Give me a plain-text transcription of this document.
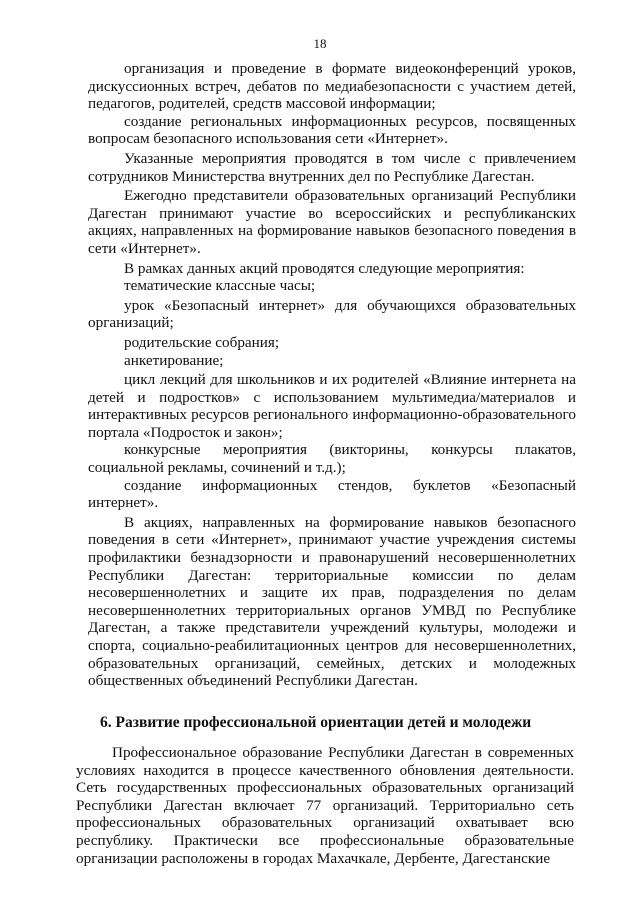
18

организация и проведение в формате видеоконференций уроков, дискуссионных встреч, дебатов по медиабезопасности с участием детей, педагогов, родителей, средств массовой информации;

создание региональных информационных ресурсов, посвященных вопросам безопасного использования сети «Интернет».

Указанные мероприятия проводятся в том числе с привлечением сотрудников Министерства внутренних дел по Республике Дагестан.

Ежегодно представители образовательных организаций Республики Дагестан принимают участие во всероссийских и республиканских акциях, направленных на формирование навыков безопасного поведения в сети «Интернет».

В рамках данных акций проводятся следующие мероприятия:

тематические классные часы;

урок «Безопасный интернет» для обучающихся образовательных организаций;

родительские собрания;

анкетирование;

цикл лекций для школьников и их родителей «Влияние интернета на детей и подростков» с использованием мультимедиа/материалов и интерактивных ресурсов регионального информационно-образовательного портала «Подросток и закон»;

конкурсные мероприятия (викторины, конкурсы плакатов, социальной рекламы, сочинений и т.д.);

создание информационных стендов, буклетов «Безопасный интернет».

В акциях, направленных на формирование навыков безопасного поведения в сети «Интернет», принимают участие учреждения системы профилактики безнадзорности и правонарушений несовершеннолетних Республики Дагестан: территориальные комиссии по делам несовершеннолетних и защите их прав, подразделения по делам несовершеннолетних территориальных органов УМВД по Республике Дагестан, а также представители учреждений культуры, молодежи и спорта, социально-реабилитационных центров для несовершеннолетних, образовательных организаций, семейных, детских и молодежных общественных объединений Республики Дагестан.

6. Развитие профессиональной ориентации детей и молодежи

Профессиональное образование Республики Дагестан в современных условиях находится в процессе качественного обновления деятельности. Сеть государственных профессиональных образовательных организаций Республики Дагестан включает 77 организаций. Территориально сеть профессиональных образовательных организаций охватывает всю республику. Практически все профессиональные образовательные организации расположены в городах Махачкале, Дербенте, Дагестанские
